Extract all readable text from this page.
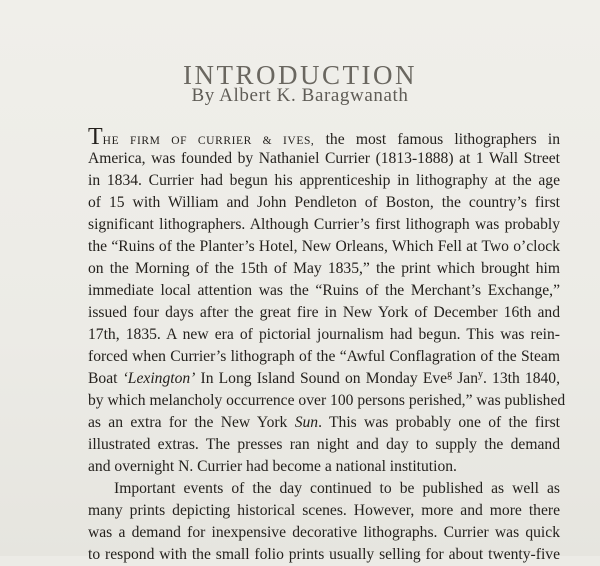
INTRODUCTION
By Albert K. Baragwanath
THE FIRM OF CURRIER & IVES, the most famous lithographers in
America, was founded by Nathaniel Currier (1813-1888) at 1 Wall Street
in 1834. Currier had begun his apprenticeship in lithography at the age
of 15 with William and John Pendleton of Boston, the country’s first
significant lithographers. Although Currier’s first lithograph was probably
the “Ruins of the Planter’s Hotel, New Orleans, Which Fell at Two o’clock
on the Morning of the 15th of May 1835,” the print which brought him
immediate local attention was the “Ruins of the Merchant’s Exchange,”
issued four days after the great fire in New York of December 16th and
17th, 1835. A new era of pictorial journalism had begun. This was rein-
forced when Currier’s lithograph of the “Awful Conflagration of the Steam
Boat ‘Lexington’ In Long Island Sound on Monday Eve$^g$ Jan$^y$. 13th 1840,
by which melancholy occurrence over 100 persons perished,” was published
as an extra for the New York Sun. This was probably one of the first
illustrated extras. The presses ran night and day to supply the demand
and overnight N. Currier had become a national institution.
Important events of the day continued to be published as well as
many prints depicting historical scenes. However, more and more there
was a demand for inexpensive decorative lithographs. Currier was quick
to respond with the small folio prints usually selling for about twenty-five
